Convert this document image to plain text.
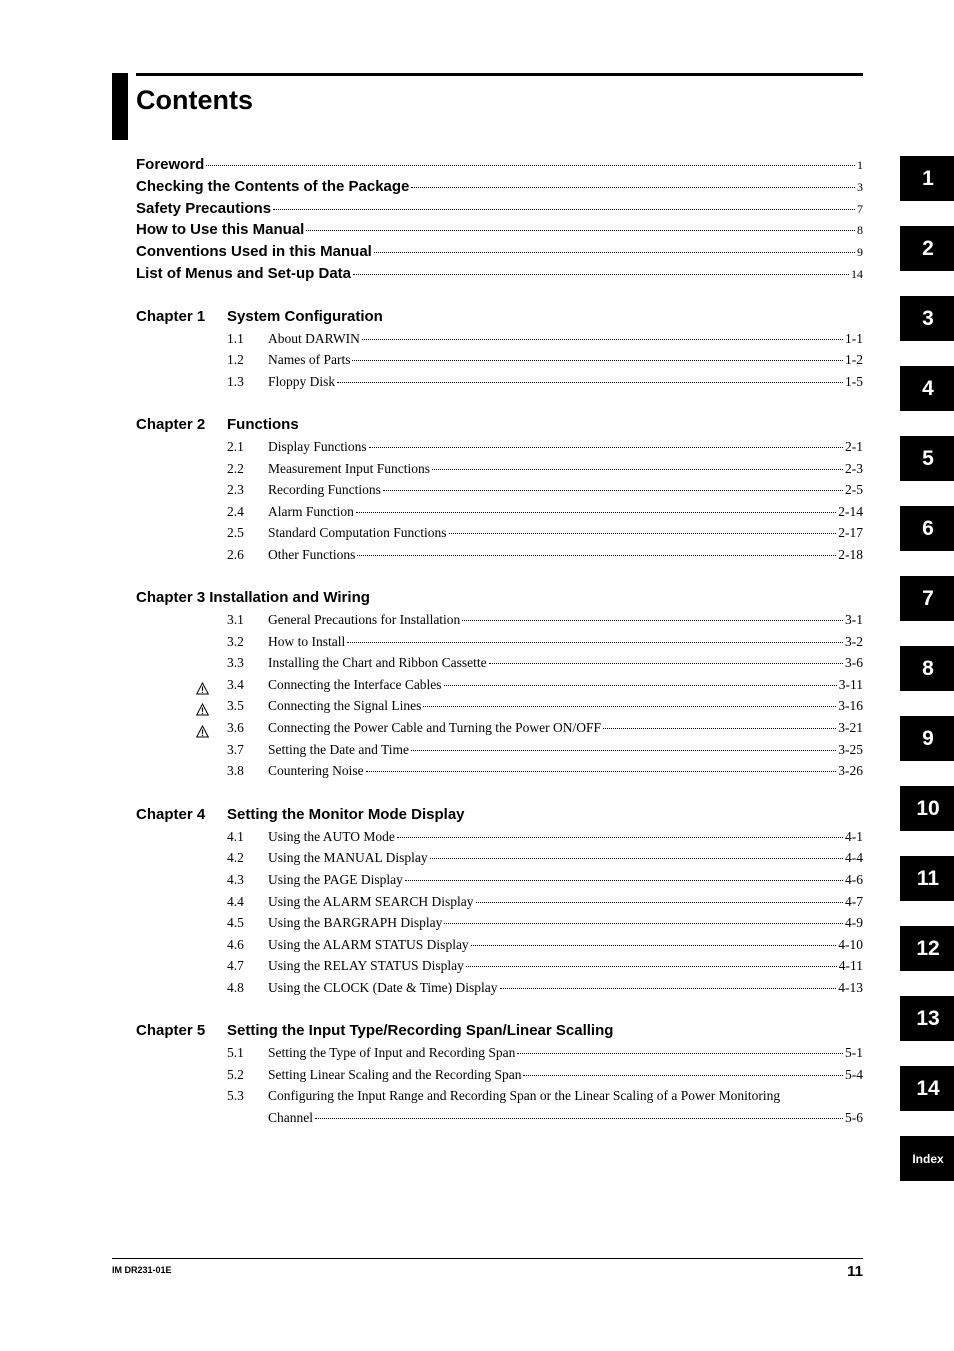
Contents
Foreword	1
Checking the Contents of the Package	3
Safety Precautions	7
How to Use this Manual	8
Conventions Used in this Manual	9
List of Menus and Set-up Data	14
Chapter 1 System Configuration
1.1	About DARWIN	1-1
1.2	Names of Parts	1-2
1.3	Floppy Disk	1-5
Chapter 2 Functions
2.1	Display Functions	2-1
2.2	Measurement Input Functions	2-3
2.3	Recording Functions	2-5
2.4	Alarm Function	2-14
2.5	Standard Computation Functions	2-17
2.6	Other Functions	2-18
Chapter 3 Installation and Wiring
3.1	General Precautions for Installation	3-1
3.2	How to Install	3-2
3.3	Installing the Chart and Ribbon Cassette	3-6
3.4	Connecting the Interface Cables	3-11
3.5	Connecting the Signal Lines	3-16
3.6	Connecting the Power Cable and Turning the Power ON/OFF	3-21
3.7	Setting the Date and Time	3-25
3.8	Countering Noise	3-26
Chapter 4 Setting the Monitor Mode Display
4.1	Using the AUTO Mode	4-1
4.2	Using the MANUAL Display	4-4
4.3	Using the PAGE Display	4-6
4.4	Using the ALARM SEARCH Display	4-7
4.5	Using the BARGRAPH Display	4-9
4.6	Using the ALARM STATUS Display	4-10
4.7	Using the RELAY STATUS Display	4-11
4.8	Using the CLOCK (Date & Time) Display	4-13
Chapter 5 Setting the Input Type/Recording Span/Linear Scalling
5.1	Setting the Type of Input and Recording Span	5-1
5.2	Setting Linear Scaling and the Recording Span	5-4
5.3 Configuring the Input Range and Recording Span or the Linear Scaling of a Power Monitoring
Channel	5-6
1
2
3
4
5
6
7
8
9
10
11
12
13
14
Index
IM DR231-01E	11
